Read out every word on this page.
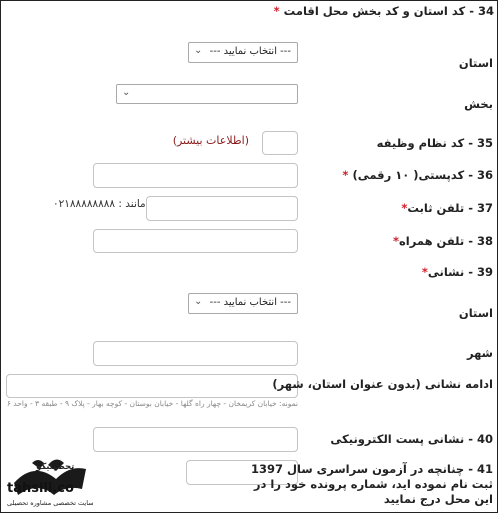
34 - کد استان و کد بخش محل اقامت *
--- انتخاب نمایید ---
⌄
استان
⌄
بخش
(اطلاعات بیشتر)	35 - کد نظام وظیفه
36 - کدپستی( ۱۰ رقمی) *
مانند : ۰۲۱۸۸۸۸۸۸۸۸	37 - تلفن ثابت*
38 - تلفن همراه*
39 - نشانی*
--- انتخاب نمایید ---
⌄
استان
شهر
ادامه نشانی (بدون عنوان استان، شهر)
نمونه: خیابان کریمخان - چهار راه گلها - خیابان بوستان - کوچه بهار - پلاک ۹ - طبقه ۳ - واحد ۶
40 - نشانی پست الکترونیکی
41 - چنانچه در آزمون سراسری سال 1397
ثبت نام نموده اید، شماره پرونده خود را در
این محل درج نمایید
تحصیلیکو
tahsili.co
سایت تخصصی مشاوره تحصیلی
